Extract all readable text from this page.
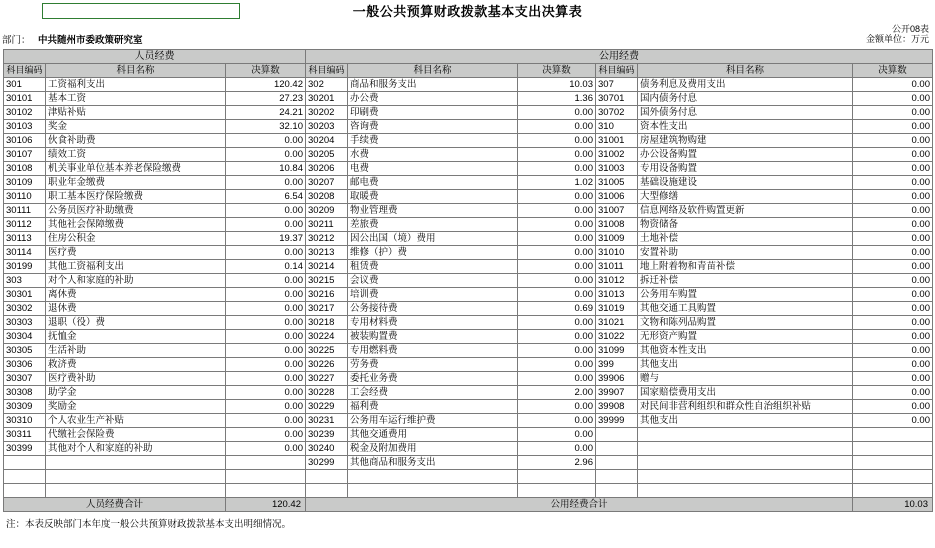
一般公共预算财政拨款基本支出决算表
公开08表
部门： 中共随州市委政策研究室	金额单位：万元
人员经费			公用经费					
科目编码	科目名称	决算数	科目编码	科目名称	决算数	科目编码	科目名称	决算数
301	工资福利支出	120.42	302	商品和服务支出	10.03	307	债务利息及费用支出	0.00
30101	基本工资	27.23	30201	办公费	1.36	30701	国内债务付息	0.00
30102	津贴补贴	24.21	30202	印刷费	0.00	30702	国外债务付息	0.00
30103	奖金	32.10	30203	咨询费	0.00	310	资本性支出	0.00
30106	伙食补助费	0.00	30204	手续费	0.00	31001	房屋建筑物购建	0.00
30107	绩效工资	0.00	30205	水费	0.00	31002	办公设备购置	0.00
30108	机关事业单位基本养老保险缴费	10.84	30206	电费	0.00	31003	专用设备购置	0.00
30109	职业年金缴费	0.00	30207	邮电费	1.02	31005	基础设施建设	0.00
30110	职工基本医疗保险缴费	6.54	30208	取暖费	0.00	31006	大型修缮	0.00
30111	公务员医疗补助缴费	0.00	30209	物业管理费	0.00	31007	信息网络及软件购置更新	0.00
30112	其他社会保障缴费	0.00	30211	差旅费	0.00	31008	物资储备	0.00
30113	住房公积金	19.37	30212	因公出国（境）费用	0.00	31009	土地补偿	0.00
30114	医疗费	0.00	30213	维修（护）费	0.00	31010	安置补助	0.00
30199	其他工资福利支出	0.14	30214	租赁费	0.00	31011	地上附着物和青苗补偿	0.00
303	对个人和家庭的补助	0.00	30215	会议费	0.00	31012	拆迁补偿	0.00
30301	离休费	0.00	30216	培训费	0.00	31013	公务用车购置	0.00
30302	退休费	0.00	30217	公务接待费	0.69	31019	其他交通工具购置	0.00
30303	退职（役）费	0.00	30218	专用材料费	0.00	31021	文物和陈列品购置	0.00
30304	抚恤金	0.00	30224	被装购置费	0.00	31022	无形资产购置	0.00
30305	生活补助	0.00	30225	专用燃料费	0.00	31099	其他资本性支出	0.00
30306	救济费	0.00	30226	劳务费	0.00	399	其他支出	0.00
30307	医疗费补助	0.00	30227	委托业务费	0.00	39906	赠与	0.00
30308	助学金	0.00	30228	工会经费	2.00	39907	国家赔偿费用支出	0.00
30309	奖励金	0.00	30229	福利费	0.00	39908	对民间非营利组织和群众性自治组织补贴	0.00
30310	个人农业生产补贴	0.00	30231	公务用车运行维护费	0.00	39999	其他支出	0.00
30311	代缴社会保险费	0.00	30239	其他交通费用	0.00			
30399	其他对个人和家庭的补助	0.00	30240	税金及附加费用	0.00			
			30299	其他商品和服务支出	2.96			

人员经费合计		120.42	公用经费合计					10.03
注：本表反映部门本年度一般公共预算财政拨款基本支出明细情况。
